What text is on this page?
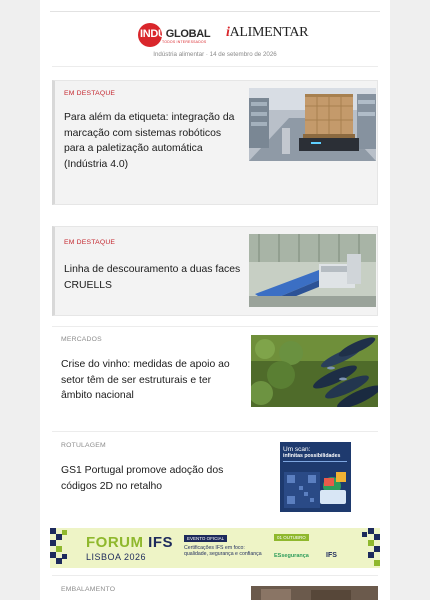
INDUGLOBAL
TODOS INTERESSADOS
iALIMENTAR
Indústria alimentar · 14 de setembro de 2026
EM DESTAQUE
Para além da etiqueta: integração da marcação com sistemas robóticos para a paletização automática (Indústria 4.0)
EM DESTAQUE
Linha de descouramento a duas faces CRUELLS
MERCADOS
Crise do vinho: medidas de apoio ao setor têm de ser estruturais e ter âmbito nacional
ROTULAGEM
GS1 Portugal promove adoção dos códigos 2D no retalho
Um scan:
infinitas possibilidades
FORUM IFS
LISBOA 2026
EVENTO OFICIAL
Certificações IFS em foco: qualidade, segurança e confiança
01 OUTUBRO
ESsegurança IFS
EMBALAMENTO
